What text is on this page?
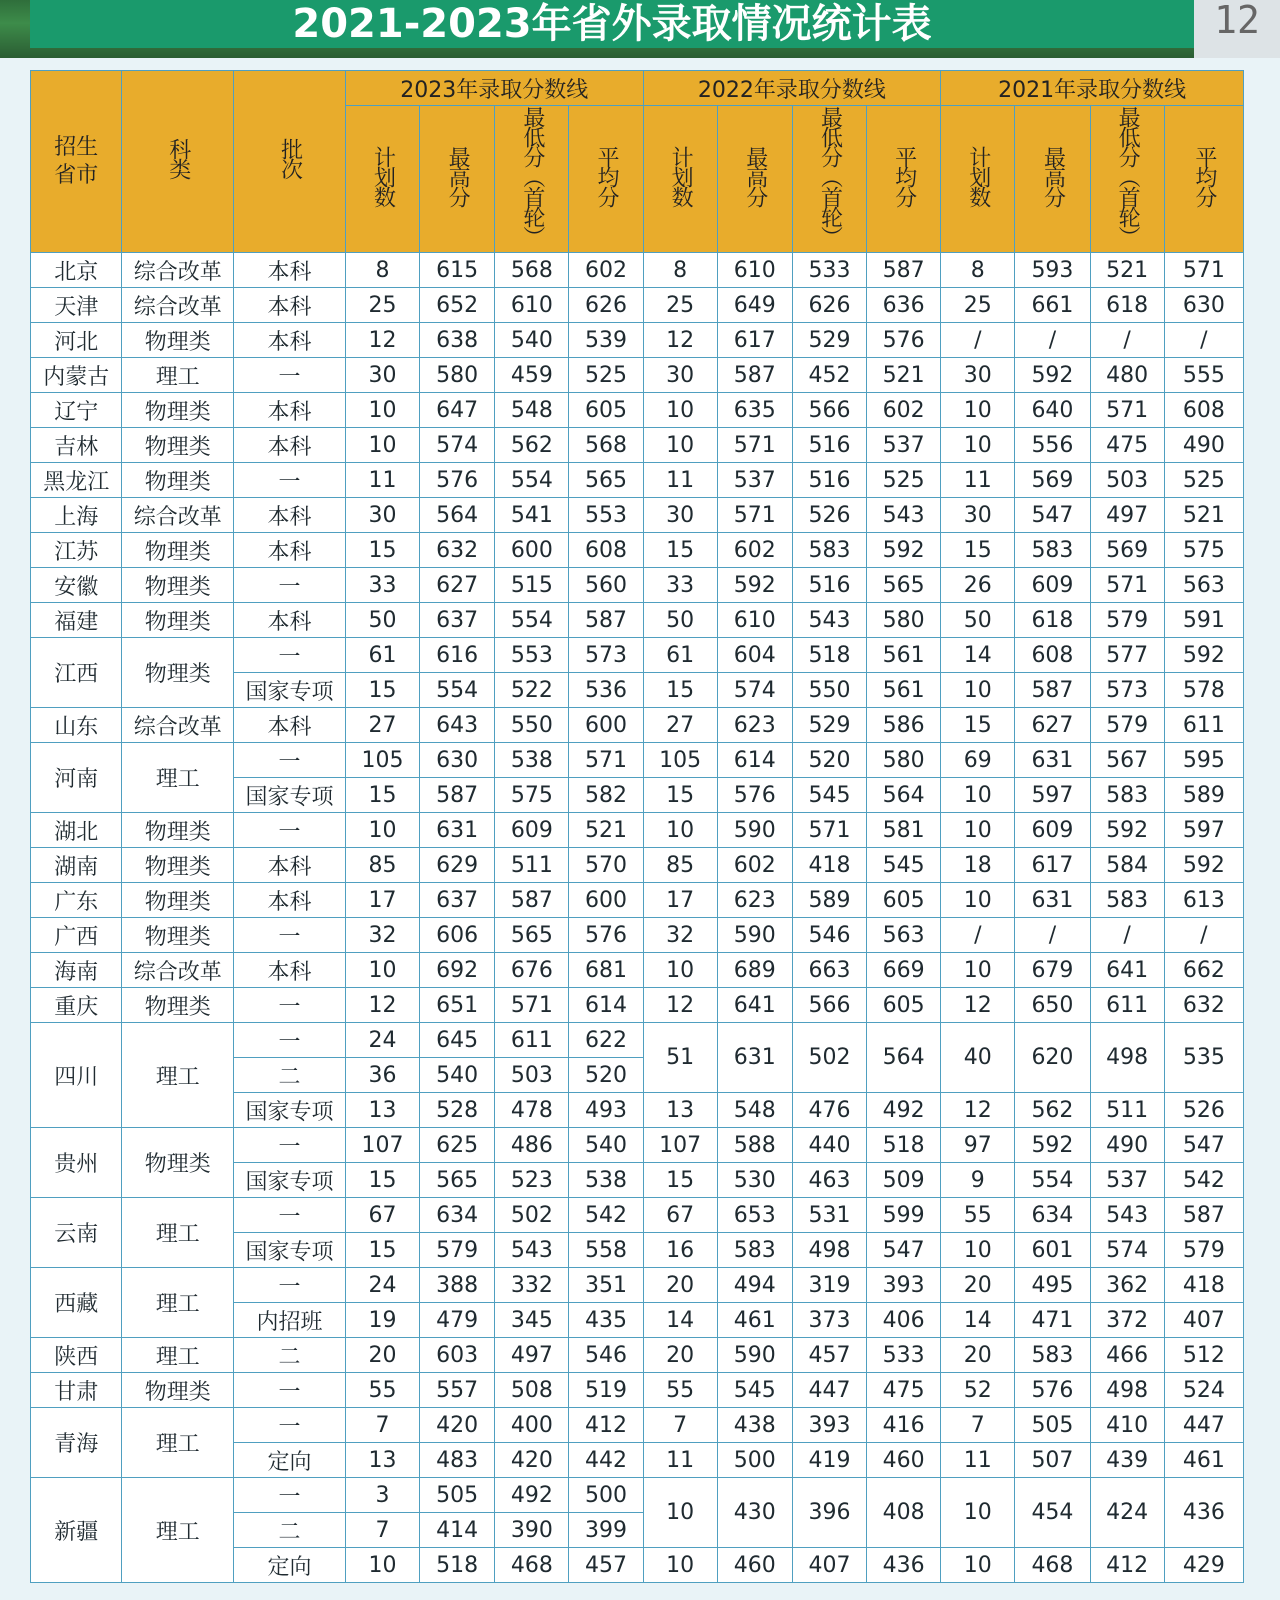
2021-2023年省外录取情况统计表	12
招生省市	科类	批次	2023年录取分数线				2022年录取分数线				2021年录取分数线			
			计划数	最高分	最低分（首轮）	平均分	计划数	最高分	最低分（首轮）	平均分	计划数	最高分	最低分（首轮）	平均分
北京	综合改革	本科	8	615	568	602	8	610	533	587	8	593	521	571
天津	综合改革	本科	25	652	610	626	25	649	626	636	25	661	618	630
河北	物理类	本科	12	638	540	539	12	617	529	576	/	/	/	/
内蒙古	理工	一	30	580	459	525	30	587	452	521	30	592	480	555
辽宁	物理类	本科	10	647	548	605	10	635	566	602	10	640	571	608
吉林	物理类	本科	10	574	562	568	10	571	516	537	10	556	475	490
黑龙江	物理类	一	11	576	554	565	11	537	516	525	11	569	503	525
上海	综合改革	本科	30	564	541	553	30	571	526	543	30	547	497	521
江苏	物理类	本科	15	632	600	608	15	602	583	592	15	583	569	575
安徽	物理类	一	33	627	515	560	33	592	516	565	26	609	571	563
福建	物理类	本科	50	637	554	587	50	610	543	580	50	618	579	591
江西	物理类	一	61	616	553	573	61	604	518	561	14	608	577	592
		国家专项	15	554	522	536	15	574	550	561	10	587	573	578
山东	综合改革	本科	27	643	550	600	27	623	529	586	15	627	579	611
河南	理工	一	105	630	538	571	105	614	520	580	69	631	567	595
		国家专项	15	587	575	582	15	576	545	564	10	597	583	589
湖北	物理类	一	10	631	609	521	10	590	571	581	10	609	592	597
湖南	物理类	本科	85	629	511	570	85	602	418	545	18	617	584	592
广东	物理类	本科	17	637	587	600	17	623	589	605	10	631	583	613
广西	物理类	一	32	606	565	576	32	590	546	563	/	/	/	/
海南	综合改革	本科	10	692	676	681	10	689	663	669	10	679	641	662
重庆	物理类	一	12	651	571	614	12	641	566	605	12	650	611	632
四川	理工	一	24	645	611	622	51	631	502	564	40	620	498	535
		二	36	540	503	520								
		国家专项	13	528	478	493	13	548	476	492	12	562	511	526
贵州	物理类	一	107	625	486	540	107	588	440	518	97	592	490	547
		国家专项	15	565	523	538	15	530	463	509	9	554	537	542
云南	理工	一	67	634	502	542	67	653	531	599	55	634	543	587
		国家专项	15	579	543	558	16	583	498	547	10	601	574	579
西藏	理工	一	24	388	332	351	20	494	319	393	20	495	362	418
		内招班	19	479	345	435	14	461	373	406	14	471	372	407
陕西	理工	二	20	603	497	546	20	590	457	533	20	583	466	512
甘肃	物理类	一	55	557	508	519	55	545	447	475	52	576	498	524
青海	理工	一	7	420	400	412	7	438	393	416	7	505	410	447
		定向	13	483	420	442	11	500	419	460	11	507	439	461
新疆	理工	一	3	505	492	500	10	430	396	408	10	454	424	436
		二	7	414	390	399								
		定向	10	518	468	457	10	460	407	436	10	468	412	429
